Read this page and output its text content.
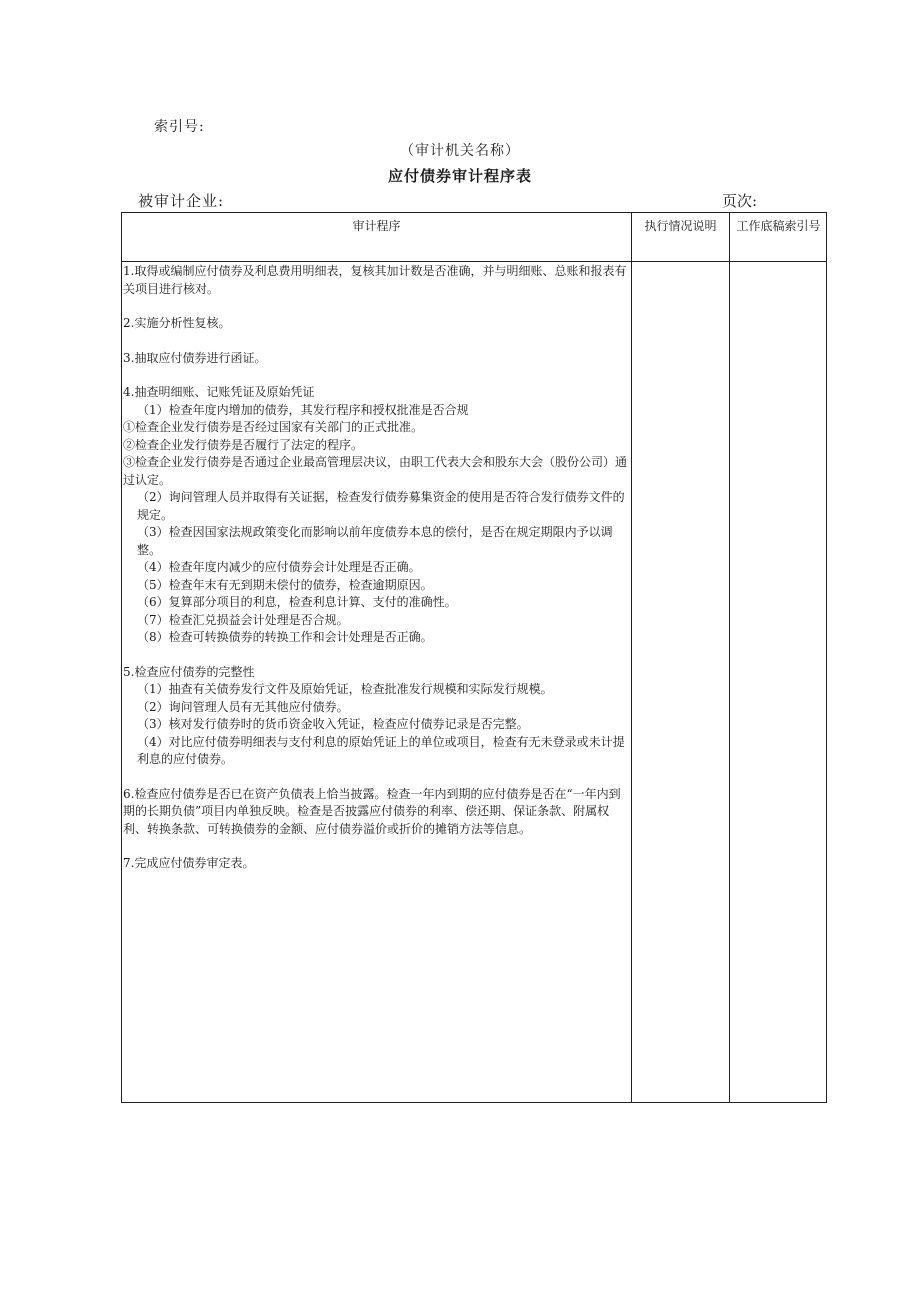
索引号:
（审计机关名称）
应付债券审计程序表
被审计企业:	页次:
审计程序	执行情况说明	工作底稿索引号

1.取得或编制应付债券及利息费用明细表，复核其加计数是否准确，并与明细账、总账和报表有关项目进行核对。

2.实施分析性复核。

3.抽取应付债券进行函证。

4.抽查明细账、记账凭证及原始凭证

（1）检查年度内增加的债券，其发行程序和授权批准是否合规

①检查企业发行债券是否经过国家有关部门的正式批准。

②检查企业发行债券是否履行了法定的程序。

③检查企业发行债券是否通过企业最高管理层决议，由职工代表大会和股东大会（股份公司）通过认定。

（2）询问管理人员并取得有关证据，检查发行债券募集资金的使用是否符合发行债券文件的规定。

（3）检查因国家法规政策变化而影响以前年度债券本息的偿付，是否在规定期限内予以调整。

（4）检查年度内减少的应付债券会计处理是否正确。

（5）检查年末有无到期未偿付的债券，检查逾期原因。

（6）复算部分项目的利息，检查利息计算、支付的准确性。

（7）检查汇兑损益会计处理是否合规。

（8）检查可转换债券的转换工作和会计处理是否正确。

5.检查应付债券的完整性

（1）抽查有关债券发行文件及原始凭证，检查批准发行规模和实际发行规模。

（2）询问管理人员有无其他应付债券。

（3）核对发行债券时的货币资金收入凭证，检查应付债券记录是否完整。

（4）对比应付债券明细表与支付利息的原始凭证上的单位或项目，检查有无未登录或未计提利息的应付债券。

6.检查应付债券是否已在资产负债表上恰当披露。检查一年内到期的应付债券是否在“一年内到期的长期负债”项目内单独反映。检查是否披露应付债券的利率、偿还期、保证条款、附属权利、转换条款、可转换债券的金额、应付债券溢价或折价的摊销方法等信息。

7.完成应付债券审定表。
